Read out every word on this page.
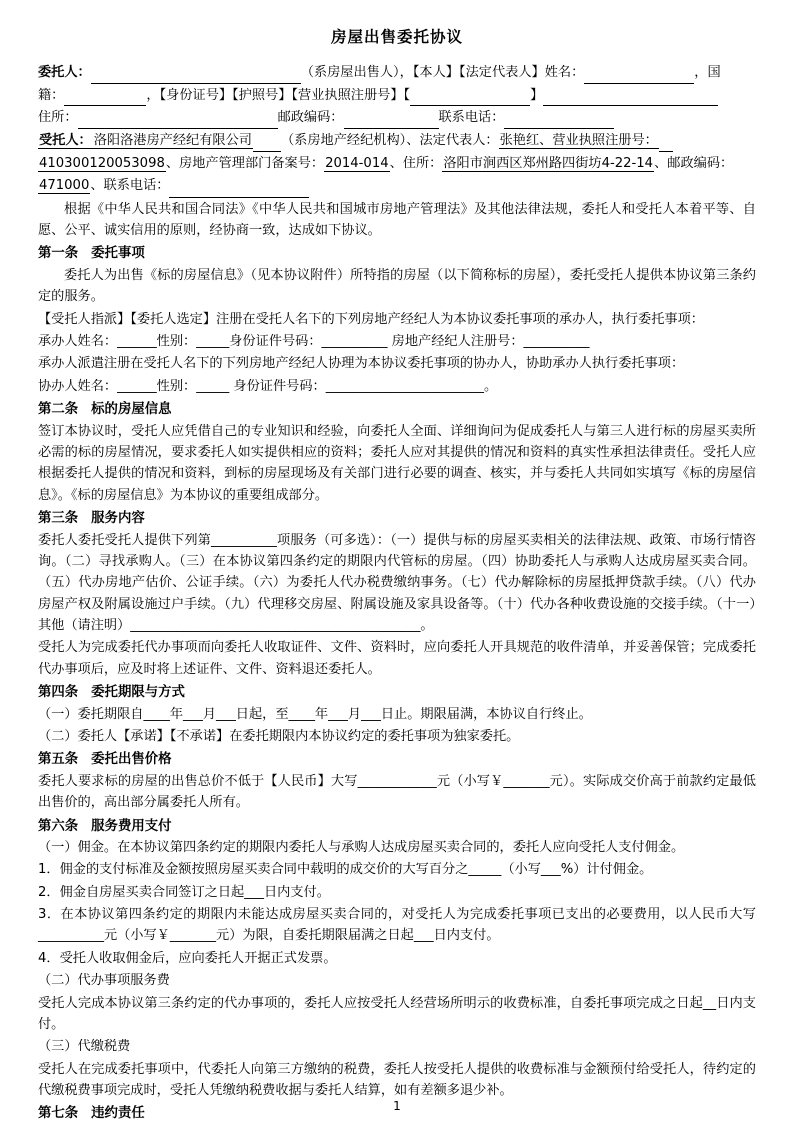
房屋出售委托协议
委托人：	（系房屋出售人），【本人】【法定代表人】姓名：	，国
籍：	，【身份证号】【护照号】【营业执照注册号】【	】
住所：	邮政编码：	联系电话：
受托人： 洛阳洛港房产经纪有限公司 （系房地产经纪机构）、法定代表人：张艳红、营业执照注册号：
410300120053098、房地产管理部门备案号：2014-014、住所：洛阳市涧西区郑州路四街坊4-22-14、邮政编码：
471000、联系电话：
根据《中华人民共和国合同法》《中华人民共和国城市房地产管理法》及其他法律法规，委托人和受托人本着平等、自愿、公平、诚实信用的原则，经协商一致，达成如下协议。
第一条 委托事项
委托人为出售《标的房屋信息》（见本协议附件）所特指的房屋（以下简称标的房屋），委托受托人提供本协议第三条约定的服务。
【受托人指派】【委托人选定】注册在受托人名下的下列房地产经纪人为本协议委托事项的承办人，执行委托事项：
承办人姓名：______性别：_____身份证件号码：__________ 房地产经纪人注册号：__________
承办人派遣注册在受托人名下的下列房地产经纪人协理为本协议委托事项的协办人，协助承办人执行委托事项：
协办人姓名：______性别：_____ 身份证件号码：________________________。
第二条 标的房屋信息
签订本协议时，受托人应凭借自己的专业知识和经验，向委托人全面、详细询问为促成委托人与第三人进行标的房屋买卖所必需的标的房屋情况，要求委托人如实提供相应的资料；委托人应对其提供的情况和资料的真实性承担法律责任。受托人应根据委托人提供的情况和资料，到标的房屋现场及有关部门进行必要的调查、核实，并与委托人共同如实填写《标的房屋信息》。《标的房屋信息》为本协议的重要组成部分。
第三条 服务内容
委托人委托受托人提供下列第__________项服务（可多选）：（一）提供与标的房屋买卖相关的法律法规、政策、市场行情咨询。（二）寻找承购人。（三）在本协议第四条约定的期限内代管标的房屋。（四）协助委托人与承购人达成房屋买卖合同。（五）代办房地产估价、公证手续。（六）为委托人代办税费缴纳事务。（七）代办解除标的房屋抵押贷款手续。（八）代办房屋产权及附属设施过户手续。（九）代理移交房屋、附属设施及家具设备等。（十）代办各种收费设施的交接手续。（十一）其他（请注明）____________________________________________。
受托人为完成委托代办事项而向委托人收取证件、文件、资料时，应向委托人开具规范的收件清单，并妥善保管；完成委托代办事项后，应及时将上述证件、文件、资料退还委托人。
第四条 委托期限与方式
（一）委托期限自____年___月___日起，至____年___月___日止。期限届满，本协议自行终止。
（二）委托人【承诺】【不承诺】在委托期限内本协议约定的委托事项为独家委托。
第五条 委托出售价格
委托人要求标的房屋的出售总价不低于【人民币】大写____________元（小写￥_______元）。实际成交价高于前款约定最低出售价的，高出部分属委托人所有。
第六条 服务费用支付
（一）佣金。在本协议第四条约定的期限内委托人与承购人达成房屋买卖合同的，委托人应向受托人支付佣金。
1．佣金的支付标准及金额按照房屋买卖合同中载明的成交价的大写百分之_____（小写___%）计付佣金。
2．佣金自房屋买卖合同签订之日起___日内支付。
3．在本协议第四条约定的期限内未能达成房屋买卖合同的，对受托人为完成委托事项已支出的必要费用，以人民币大写__________元（小写￥_______元）为限，自委托期限届满之日起___日内支付。
4．受托人收取佣金后，应向委托人开据正式发票。
（二）代办事项服务费
受托人完成本协议第三条约定的代办事项的，委托人应按受托人经营场所明示的收费标准，自委托事项完成之日起__日内支付。
（三）代缴税费
受托人在完成委托事项中，代委托人向第三方缴纳的税费，委托人按受托人提供的收费标准与金额预付给受托人，待约定的代缴税费事项完成时，受托人凭缴纳税费收据与委托人结算，如有差额多退少补。
第七条 违约责任
1
